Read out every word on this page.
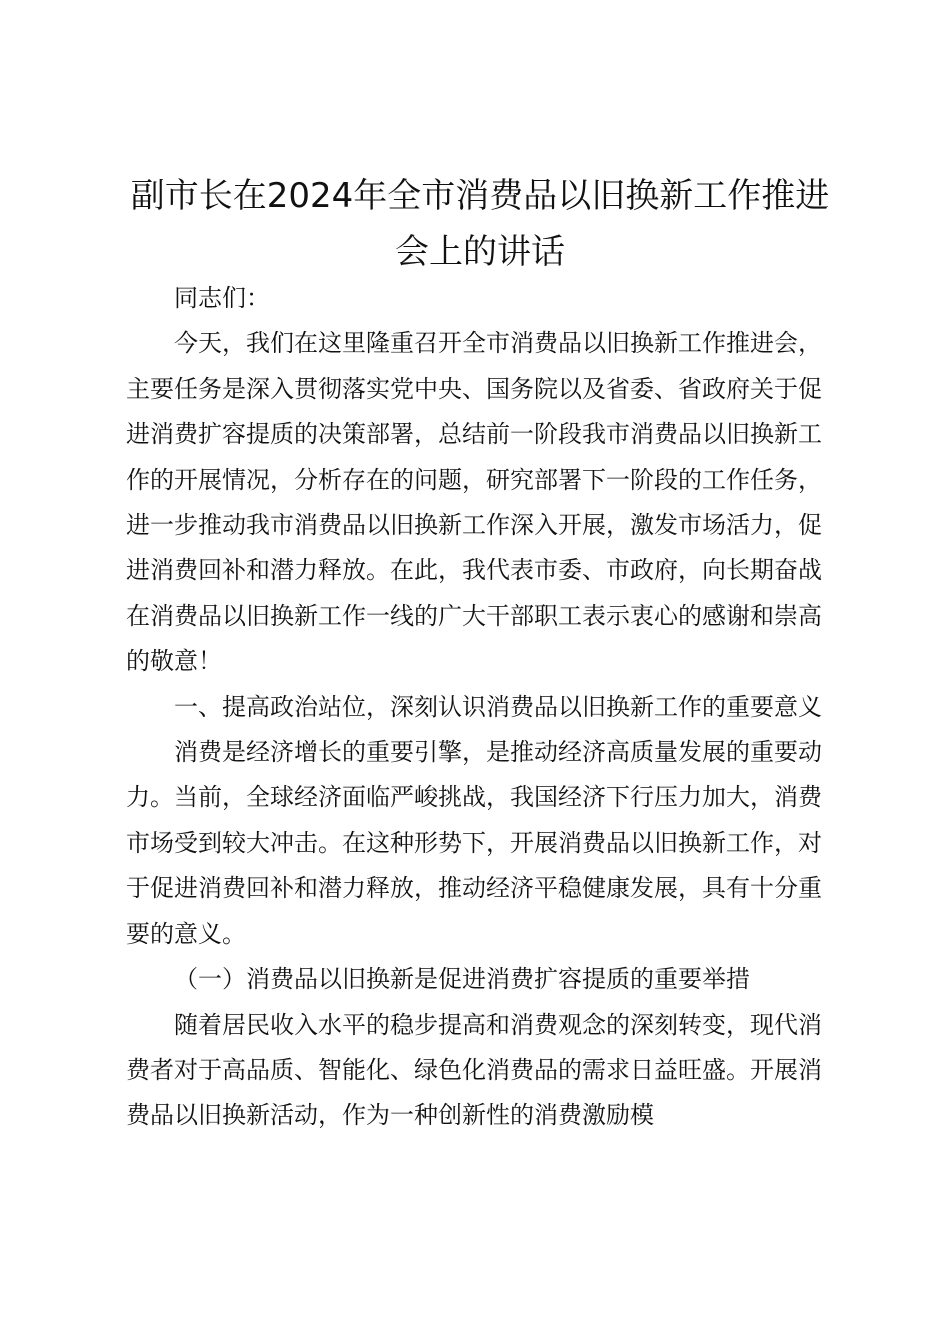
副市长在2024年全市消费品以旧换新工作推进会上的讲话

同志们：

今天，我们在这里隆重召开全市消费品以旧换新工作推进会，主要任务是深入贯彻落实党中央、国务院以及省委、省政府关于促进消费扩容提质的决策部署，总结前一阶段我市消费品以旧换新工作的开展情况，分析存在的问题，研究部署下一阶段的工作任务，进一步推动我市消费品以旧换新工作深入开展，激发市场活力，促进消费回补和潜力释放。在此，我代表市委、市政府，向长期奋战在消费品以旧换新工作一线的广大干部职工表示衷心的感谢和崇高的敬意！

一、提高政治站位，深刻认识消费品以旧换新工作的重要意义

消费是经济增长的重要引擎，是推动经济高质量发展的重要动力。当前，全球经济面临严峻挑战，我国经济下行压力加大，消费市场受到较大冲击。在这种形势下，开展消费品以旧换新工作，对于促进消费回补和潜力释放，推动经济平稳健康发展，具有十分重要的意义。

（一）消费品以旧换新是促进消费扩容提质的重要举措

随着居民收入水平的稳步提高和消费观念的深刻转变，现代消费者对于高品质、智能化、绿色化消费品的需求日益旺盛。开展消费品以旧换新活动，作为一种创新性的消费激励模
